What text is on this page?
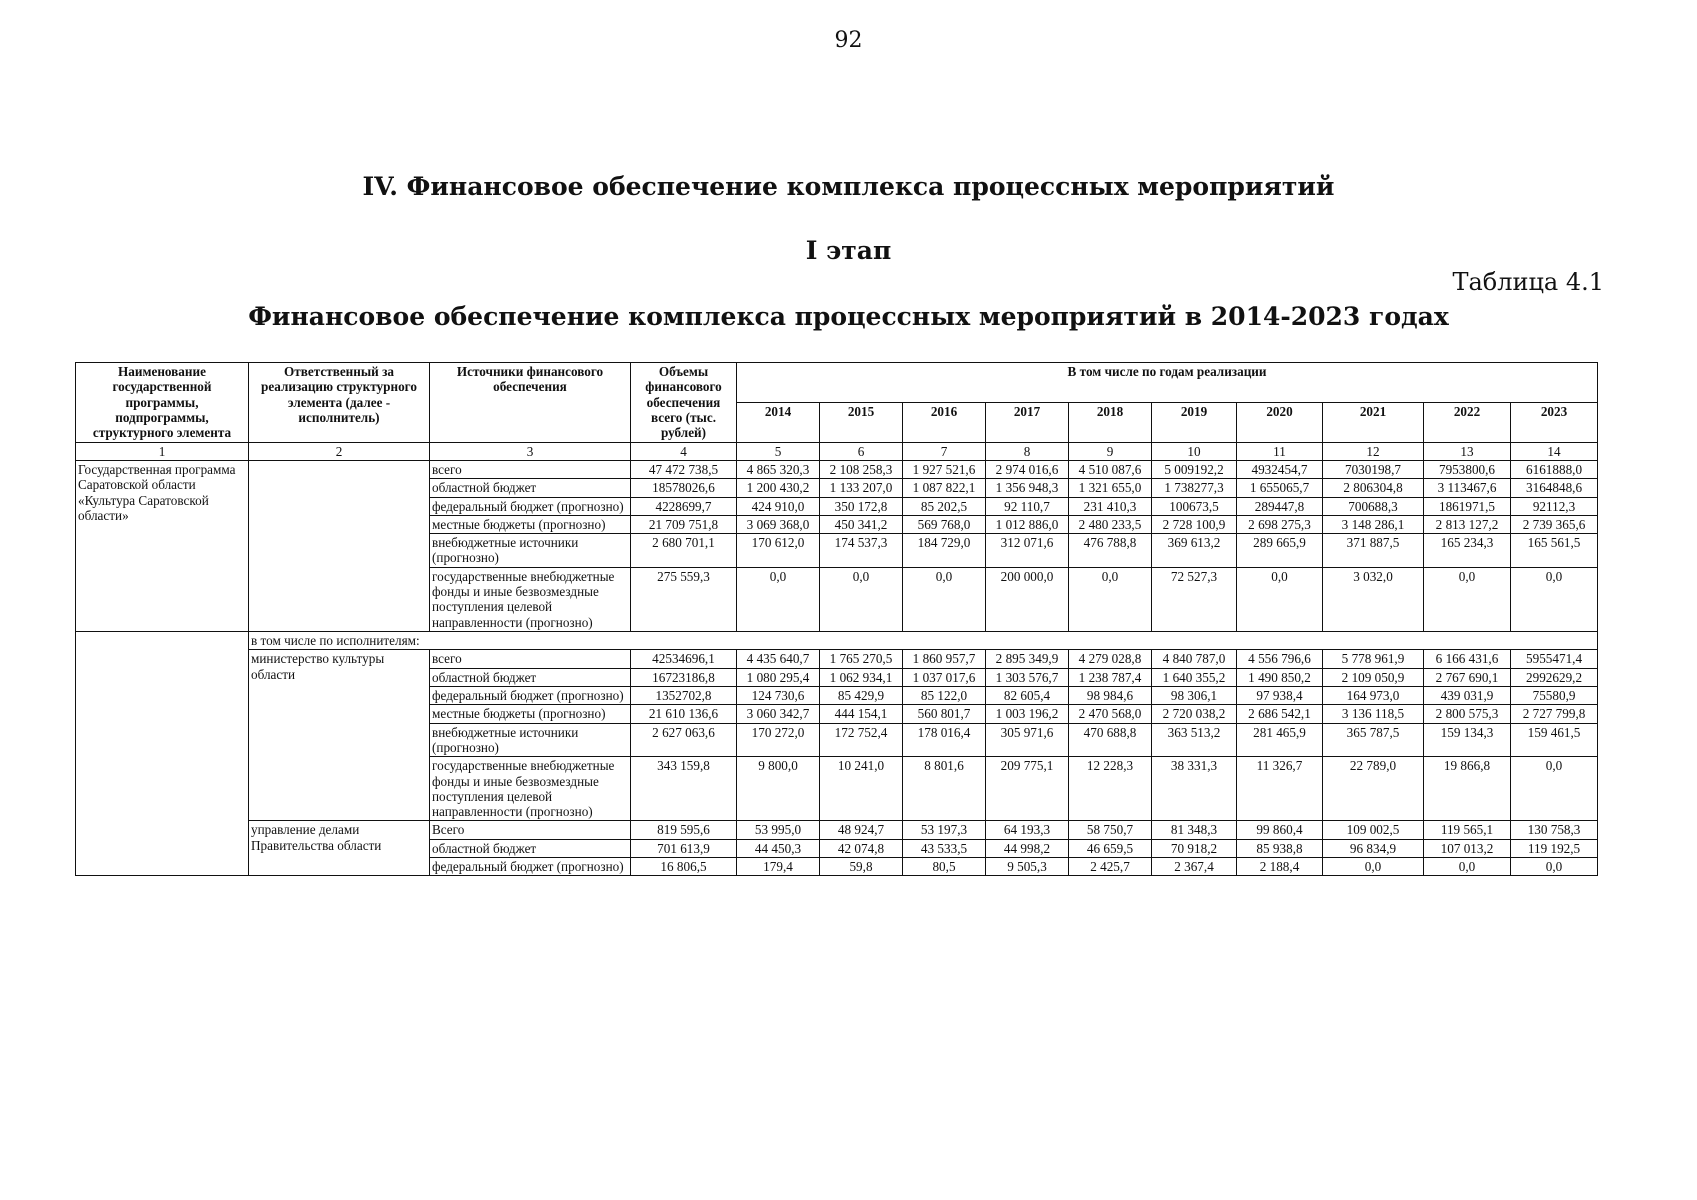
92
IV. Финансовое обеспечение комплекса процессных мероприятий
I этап
Таблица 4.1
Финансовое обеспечение комплекса процессных мероприятий в 2014-2023 годах
Наименование государственной программы, подпрограммы, структурного элемента	Ответственный за реализацию структурного элемента (далее - исполнитель)	Источники финансового обеспечения	Объемы финансового обеспечения всего (тыс. рублей)	В том числе по годам реализации									
				2014	2015	2016	2017	2018	2019	2020	2021	2022	2023
1	2	3	4	5	6	7	8	9	10	11	12	13	14
Государственная программа Саратовской области «Культура Саратовской области»		всего	47 472 738,5	4 865 320,3	2 108 258,3	1 927 521,6	2 974 016,6	4 510 087,6	5 009192,2	4932454,7	7030198,7	7953800,6	6161888,0
		областной бюджет	18578026,6	1 200 430,2	1 133 207,0	1 087 822,1	1 356 948,3	1 321 655,0	1 738277,3	1 655065,7	2 806304,8	3 113467,6	3164848,6
		федеральный бюджет (прогнозно)	4228699,7	424 910,0	350 172,8	85 202,5	92 110,7	231 410,3	100673,5	289447,8	700688,3	1861971,5	92112,3
		местные бюджеты (прогнозно)	21 709 751,8	3 069 368,0	450 341,2	569 768,0	1 012 886,0	2 480 233,5	2 728 100,9	2 698 275,3	3 148 286,1	2 813 127,2	2 739 365,6
		внебюджетные источники (прогнозно)	2 680 701,1	170 612,0	174 537,3	184 729,0	312 071,6	476 788,8	369 613,2	289 665,9	371 887,5	165 234,3	165 561,5
		государственные внебюджетные фонды и иные безвозмездные поступления целевой направленности (прогнозно)	275 559,3	0,0	0,0	0,0	200 000,0	0,0	72 527,3	0,0	3 032,0	0,0	0,0
	в том числе по исполнителям:												
	министерство культуры области	всего	42534696,1	4 435 640,7	1 765 270,5	1 860 957,7	2 895 349,9	4 279 028,8	4 840 787,0	4 556 796,6	5 778 961,9	6 166 431,6	5955471,4
		областной бюджет	16723186,8	1 080 295,4	1 062 934,1	1 037 017,6	1 303 576,7	1 238 787,4	1 640 355,2	1 490 850,2	2 109 050,9	2 767 690,1	2992629,2
		федеральный бюджет (прогнозно)	1352702,8	124 730,6	85 429,9	85 122,0	82 605,4	98 984,6	98 306,1	97 938,4	164 973,0	439 031,9	75580,9
		местные бюджеты (прогнозно)	21 610 136,6	3 060 342,7	444 154,1	560 801,7	1 003 196,2	2 470 568,0	2 720 038,2	2 686 542,1	3 136 118,5	2 800 575,3	2 727 799,8
		внебюджетные источники (прогнозно)	2 627 063,6	170 272,0	172 752,4	178 016,4	305 971,6	470 688,8	363 513,2	281 465,9	365 787,5	159 134,3	159 461,5
		государственные внебюджетные фонды и иные безвозмездные поступления целевой направленности (прогнозно)	343 159,8	9 800,0	10 241,0	8 801,6	209 775,1	12 228,3	38 331,3	11 326,7	22 789,0	19 866,8	0,0
	управление делами Правительства области	Всего	819 595,6	53 995,0	48 924,7	53 197,3	64 193,3	58 750,7	81 348,3	99 860,4	109 002,5	119 565,1	130 758,3
		областной бюджет	701 613,9	44 450,3	42 074,8	43 533,5	44 998,2	46 659,5	70 918,2	85 938,8	96 834,9	107 013,2	119 192,5
		федеральный бюджет (прогнозно)	16 806,5	179,4	59,8	80,5	9 505,3	2 425,7	2 367,4	2 188,4	0,0	0,0	0,0
